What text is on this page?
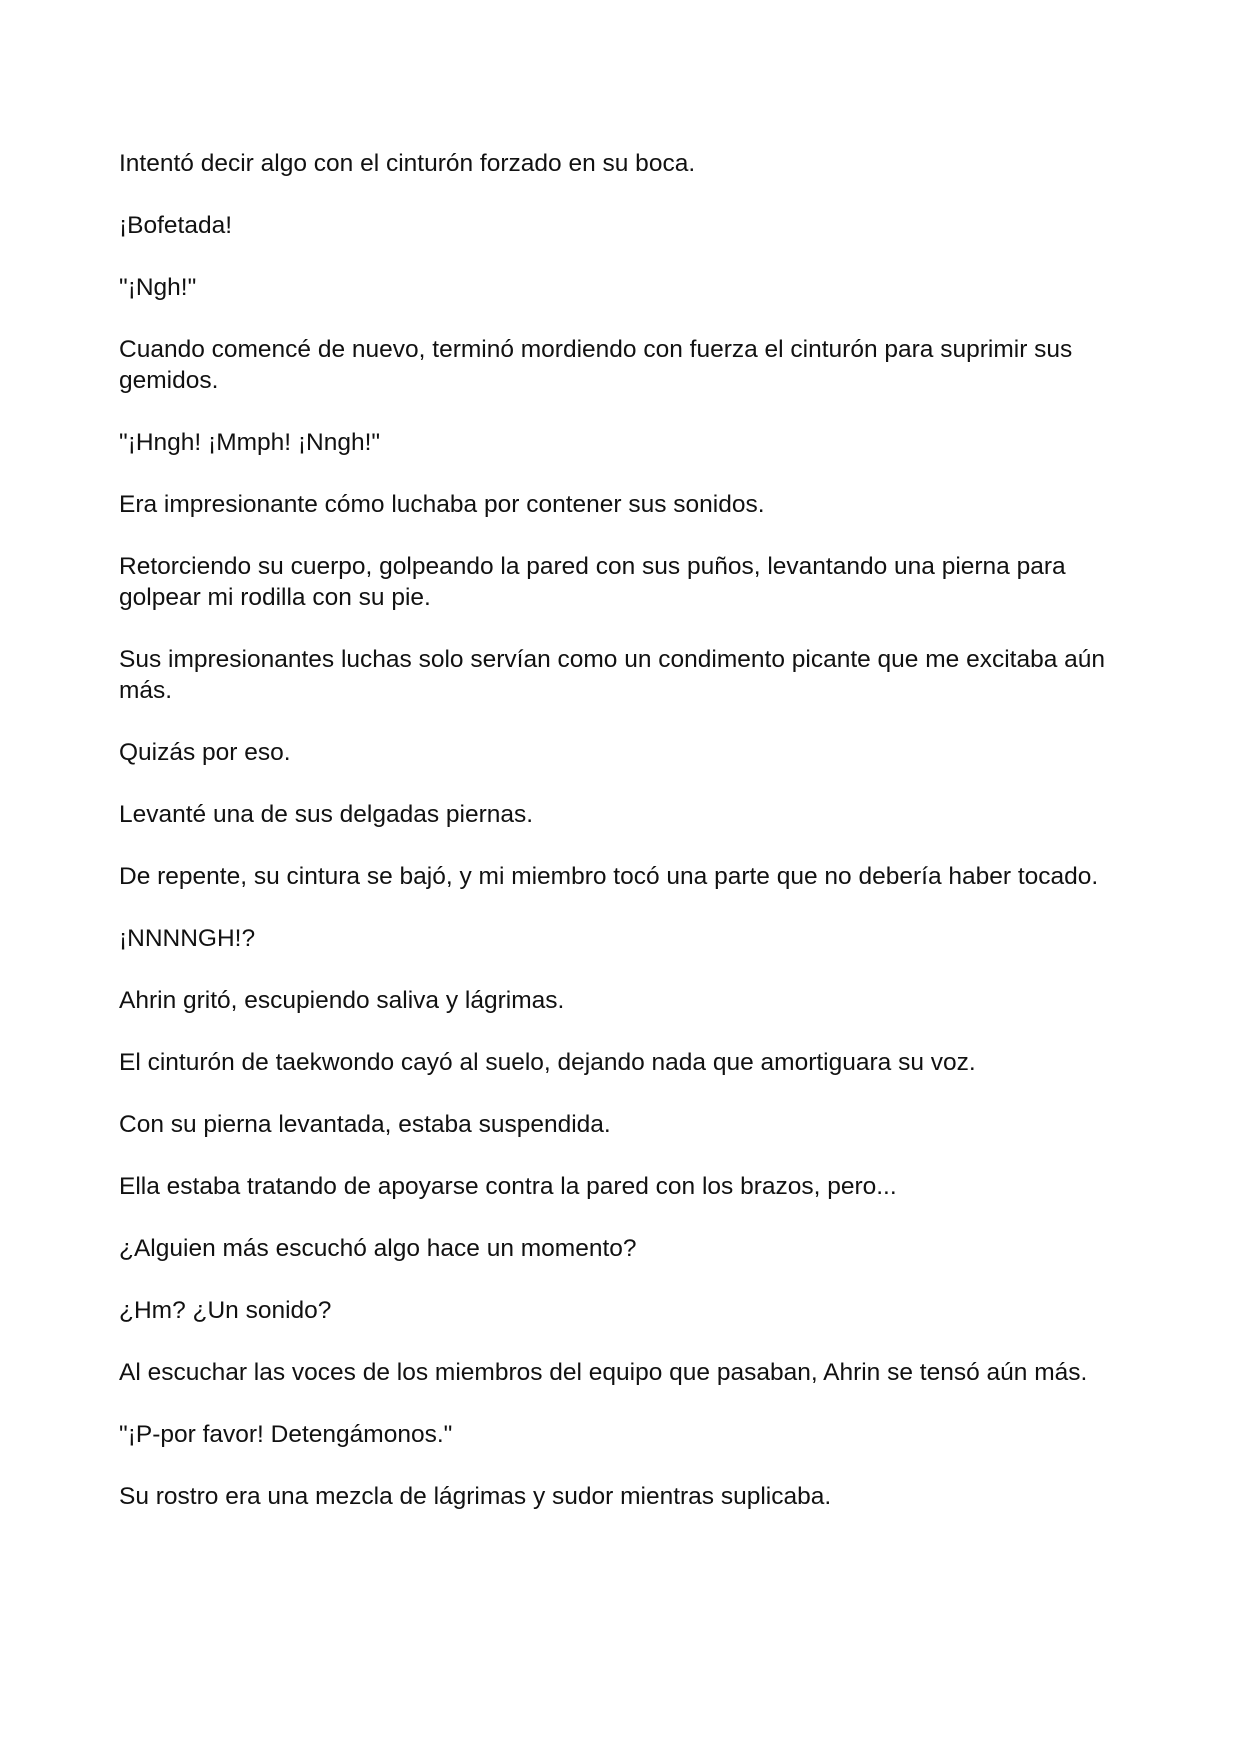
Intentó decir algo con el cinturón forzado en su boca.

¡Bofetada!

"¡Ngh!"

Cuando comencé de nuevo, terminó mordiendo con fuerza el cinturón para suprimir sus gemidos.

"¡Hngh! ¡Mmph! ¡Nngh!"

Era impresionante cómo luchaba por contener sus sonidos.

Retorciendo su cuerpo, golpeando la pared con sus puños, levantando una pierna para golpear mi rodilla con su pie.

Sus impresionantes luchas solo servían como un condimento picante que me excitaba aún más.

Quizás por eso.

Levanté una de sus delgadas piernas.

De repente, su cintura se bajó, y mi miembro tocó una parte que no debería haber tocado.

¡NNNNGH!?

Ahrin gritó, escupiendo saliva y lágrimas.

El cinturón de taekwondo cayó al suelo, dejando nada que amortiguara su voz.

Con su pierna levantada, estaba suspendida.

Ella estaba tratando de apoyarse contra la pared con los brazos, pero...

¿Alguien más escuchó algo hace un momento?

¿Hm? ¿Un sonido?

Al escuchar las voces de los miembros del equipo que pasaban, Ahrin se tensó aún más.

"¡P-por favor! Detengámonos."

Su rostro era una mezcla de lágrimas y sudor mientras suplicaba.
